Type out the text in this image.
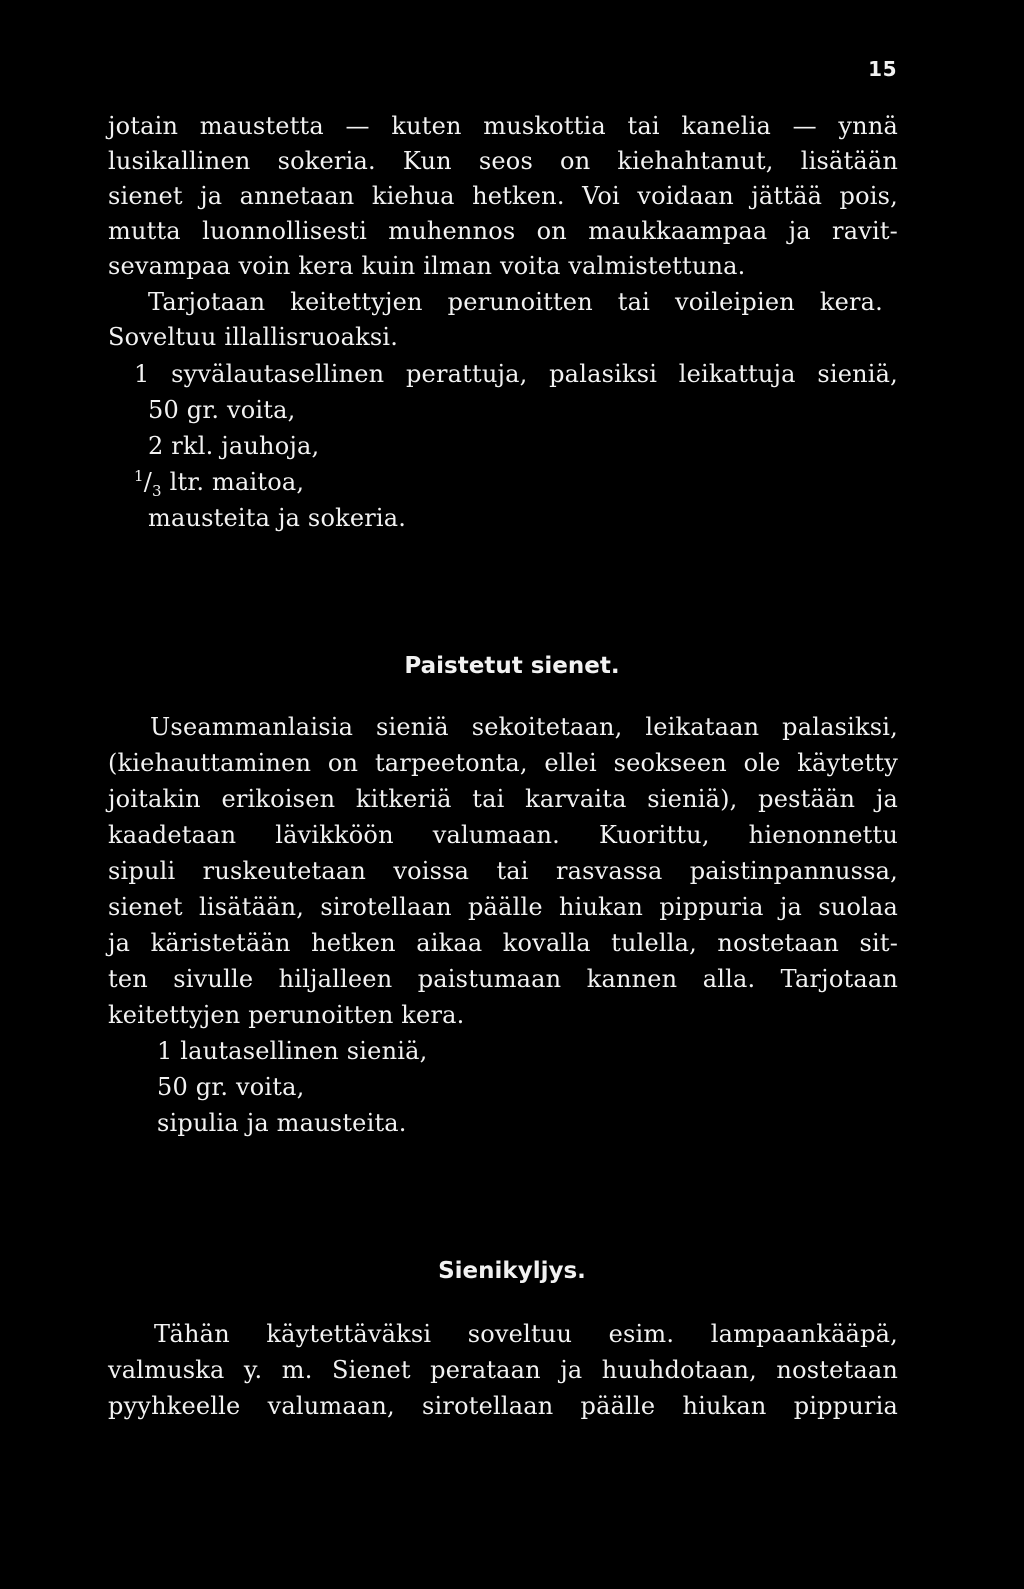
15
jotain maustetta — kuten muskottia tai kanelia — ynnä
lusikallinen sokeria. Kun seos on kiehahtanut, lisätään
sienet ja annetaan kiehua hetken. Voi voidaan jättää pois,
mutta luonnollisesti muhennos on maukkaampaa ja ravit-
sevampaa voin kera kuin ilman voita valmistettuna.
Tarjotaan keitettyjen perunoitten tai voileipien kera.
Soveltuu illallisruoaksi.
1 syvälautasellinen perattuja, palasiksi leikattuja sieniä,
50 gr. voita,
2 rkl. jauhoja,
$^1/_3$ ltr. maitoa,
mausteita ja sokeria.
Paistetut sienet.
Useammanlaisia sieniä sekoitetaan, leikataan palasiksi,
(kiehauttaminen on tarpeetonta, ellei seokseen ole käytetty
joitakin erikoisen kitkeriä tai karvaita sieniä), pestään ja
kaadetaan lävikköön valumaan. Kuorittu, hienonnettu
sipuli ruskeutetaan voissa tai rasvassa paistinpannussa,
sienet lisätään, sirotellaan päälle hiukan pippuria ja suolaa
ja käristetään hetken aikaa kovalla tulella, nostetaan sit-
ten sivulle hiljalleen paistumaan kannen alla. Tarjotaan
keitettyjen perunoitten kera.
1 lautasellinen sieniä,
50 gr. voita,
sipulia ja mausteita.
Sienikyljys.
Tähän käytettäväksi soveltuu esim. lampaankääpä,
valmuska y. m. Sienet perataan ja huuhdotaan, nostetaan
pyyhkeelle valumaan, sirotellaan päälle hiukan pippuria
